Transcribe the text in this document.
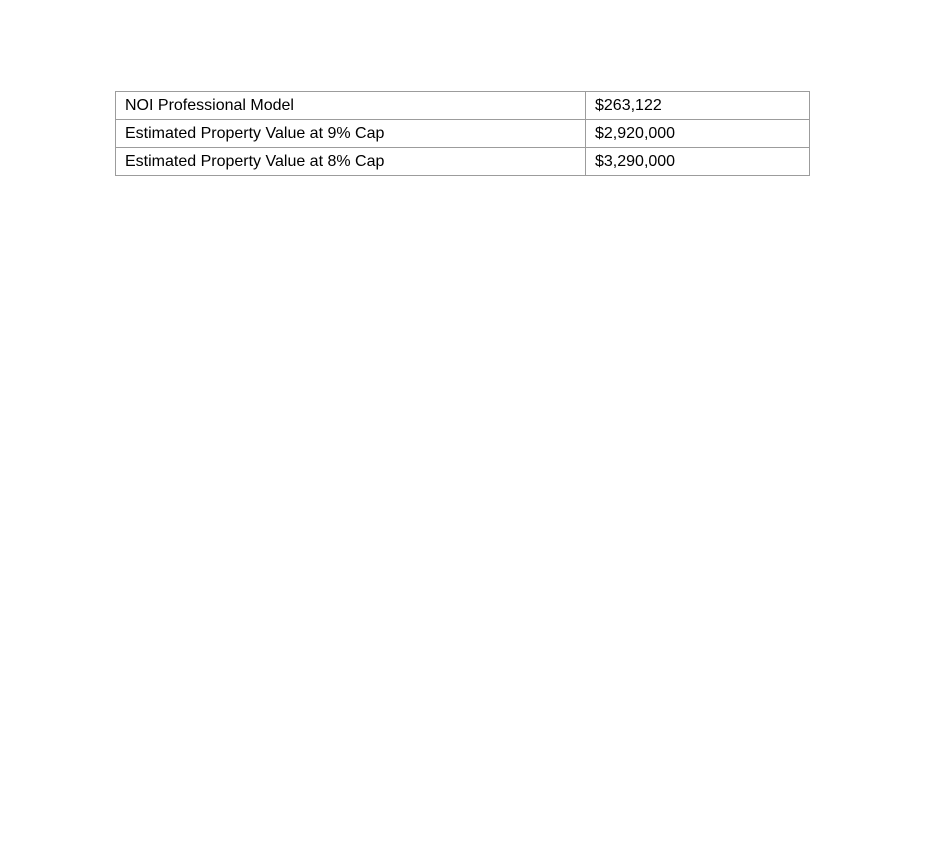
NOI Professional Model	$263,122
Estimated Property Value at 9% Cap	$2,920,000
Estimated Property Value at 8% Cap	$3,290,000
